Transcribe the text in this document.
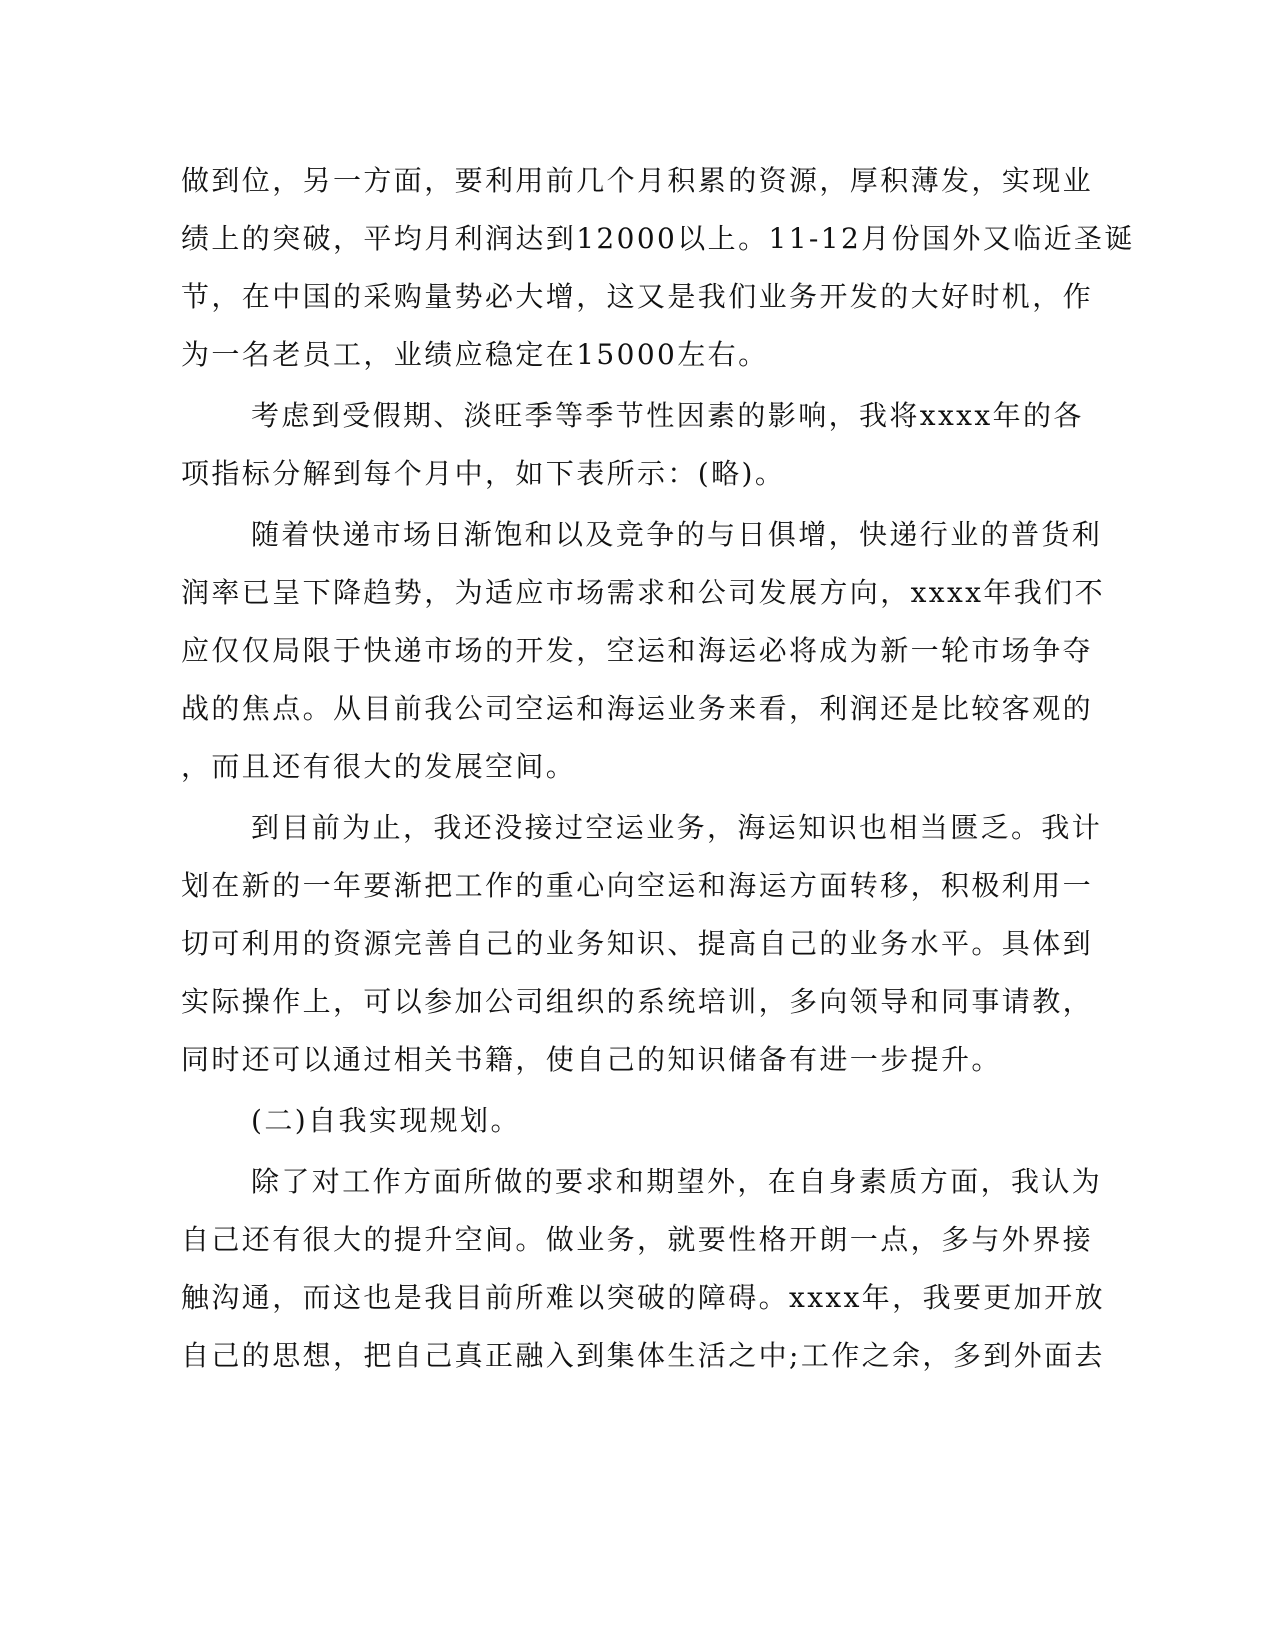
做到位，另一方面，要利用前几个月积累的资源，厚积薄发，实现业
绩上的突破，平均月利润达到12000以上。11-12月份国外又临近圣诞
节，在中国的采购量势必大增，这又是我们业务开发的大好时机，作
为一名老员工，业绩应稳定在15000左右。
考虑到受假期、淡旺季等季节性因素的影响，我将xxxx年的各
项指标分解到每个月中，如下表所示：(略)。
随着快递市场日渐饱和以及竞争的与日俱增，快递行业的普货利
润率已呈下降趋势，为适应市场需求和公司发展方向，xxxx年我们不
应仅仅局限于快递市场的开发，空运和海运必将成为新一轮市场争夺
战的焦点。从目前我公司空运和海运业务来看，利润还是比较客观的
，而且还有很大的发展空间。
到目前为止，我还没接过空运业务，海运知识也相当匮乏。我计
划在新的一年要渐把工作的重心向空运和海运方面转移，积极利用一
切可利用的资源完善自己的业务知识、提高自己的业务水平。具体到
实际操作上，可以参加公司组织的系统培训，多向领导和同事请教，
同时还可以通过相关书籍，使自己的知识储备有进一步提升。
(二)自我实现规划。
除了对工作方面所做的要求和期望外，在自身素质方面，我认为
自己还有很大的提升空间。做业务，就要性格开朗一点，多与外界接
触沟通，而这也是我目前所难以突破的障碍。xxxx年，我要更加开放
自己的思想，把自己真正融入到集体生活之中;工作之余，多到外面去
